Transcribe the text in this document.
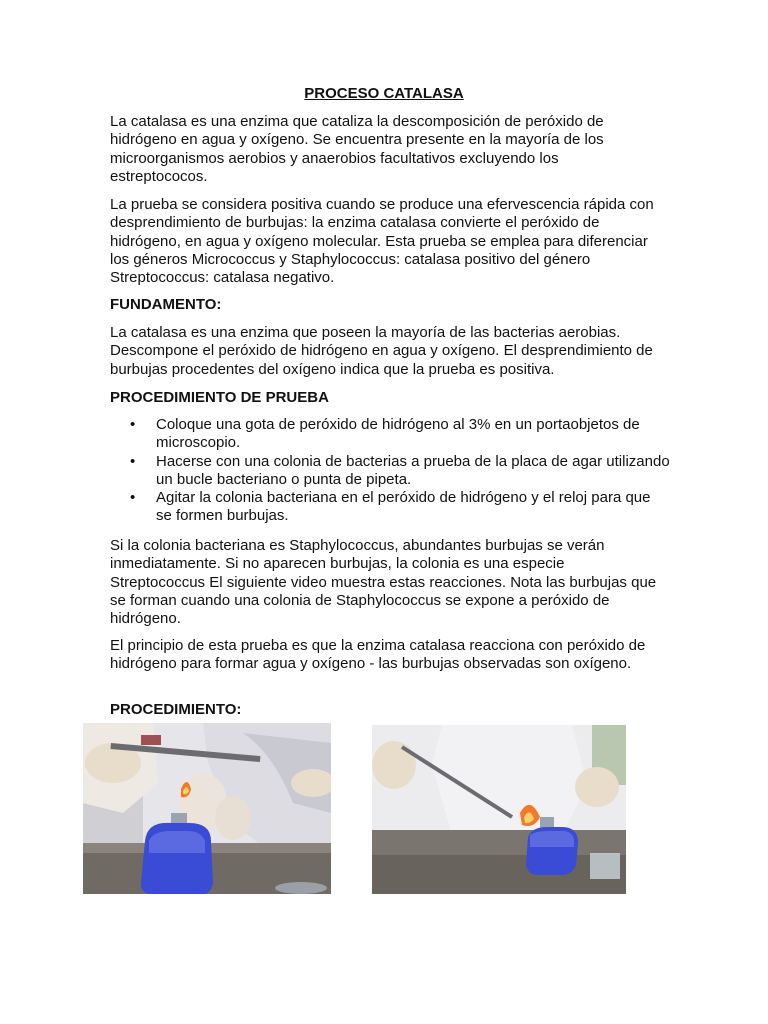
PROCESO CATALASA

La catalasa es una enzima que cataliza la descomposición de peróxido de hidrógeno en agua y oxígeno. Se encuentra presente en la mayoría de los microorganismos aerobios y anaerobios facultativos excluyendo los estreptococos.

La prueba se considera positiva cuando se produce una efervescencia rápida con desprendimiento de burbujas: la enzima catalasa convierte el peróxido de hidrógeno, en agua y oxígeno molecular. Esta prueba se emplea para diferenciar los géneros Micrococcus y Staphylococcus: catalasa positivo del género Streptococcus: catalasa negativo.

FUNDAMENTO:

La catalasa es una enzima que poseen la mayoría de las bacterias aerobias. Descompone el peróxido de hidrógeno en agua y oxígeno. El desprendimiento de burbujas procedentes del oxígeno indica que la prueba es positiva.

PROCEDIMIENTO DE PRUEBA
• Coloque una gota de peróxido de hidrógeno al 3% en un portaobjetos de microscopio.
• Hacerse con una colonia de bacterias a prueba de la placa de agar utilizando un bucle bacteriano o punta de pipeta.
• Agitar la colonia bacteriana en el peróxido de hidrógeno y el reloj para que se formen burbujas.

Si la colonia bacteriana es Staphylococcus, abundantes burbujas se verán inmediatamente. Si no aparecen burbujas, la colonia es una especie Streptococcus El siguiente video muestra estas reacciones. Nota las burbujas que se forman cuando una colonia de Staphylococcus se expone a peróxido de hidrógeno.

El principio de esta prueba es que la enzima catalasa reacciona con peróxido de hidrógeno para formar agua y oxígeno - las burbujas observadas son oxígeno.

PROCEDIMIENTO:
